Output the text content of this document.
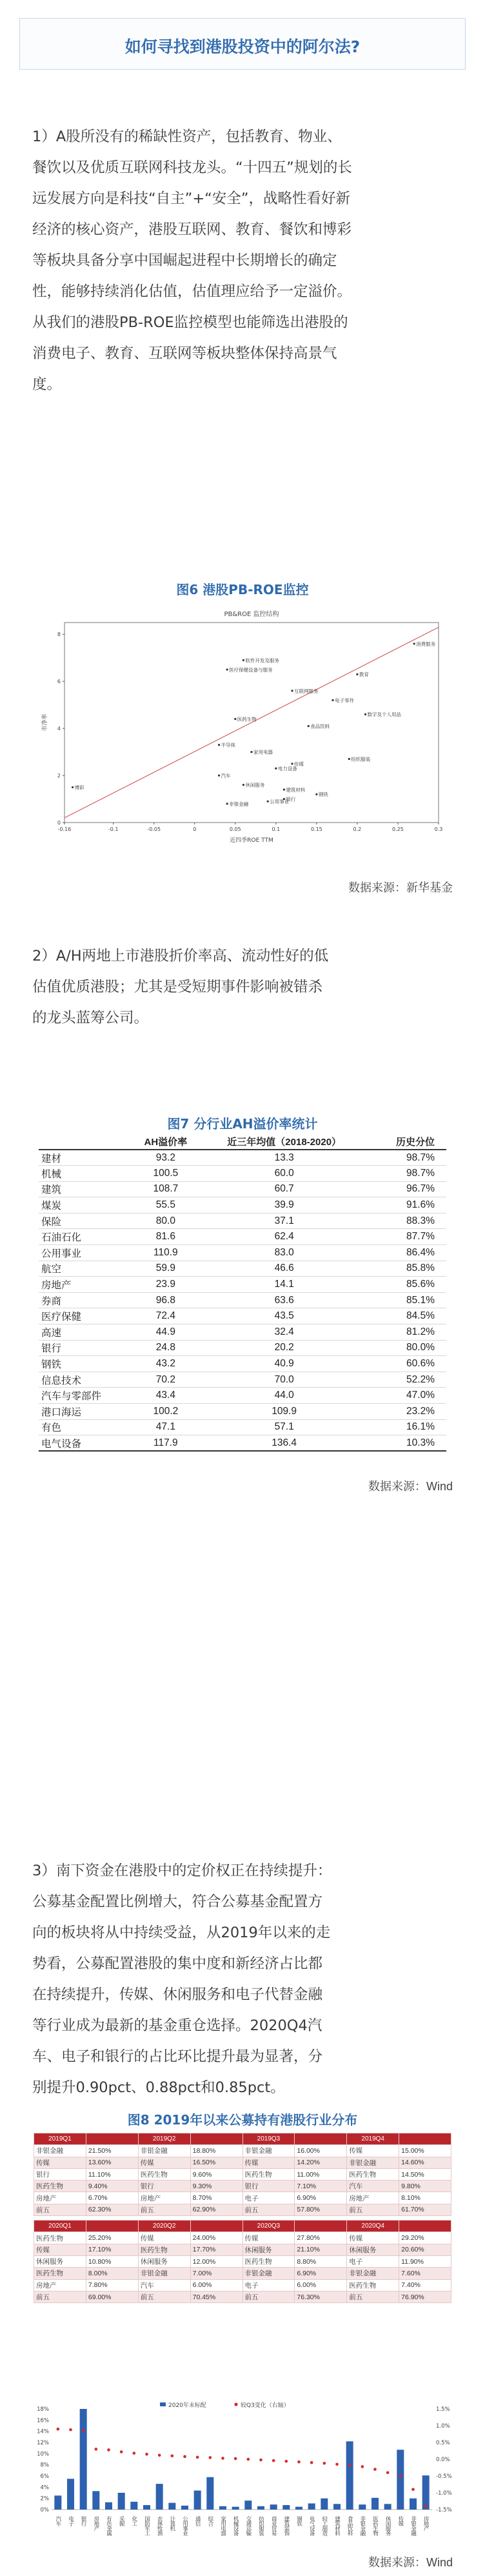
如何寻找到港股投资中的阿尔法?
1）A股所没有的稀缺性资产，包括教育、物业、
餐饮以及优质互联网科技龙头。“十四五”规划的长
远发展方向是科技“自主”+“安全”，战略性看好新
经济的核心资产，港股互联网、教育、餐饮和博彩
等板块具备分享中国崛起进程中长期增长的确定
性，能够持续消化估值，估值理应给予一定溢价。
从我们的港股PB-ROE监控模型也能筛选出港股的
消费电子、教育、互联网等板块整体保持高景气
度。
图6 港股PB-ROE监控
PB&ROE 监控结构
-0.16	-0.1	-0.05	0	0.05	0.1	0.15	0.2	0.25	0.3
0
2
4
6
8
近四季ROE TTM
市净率
消费服务
教育
软件开发及服务
医疗保健设备与服务
互联网服务
电子零件
数字及个人用品
医药生物
食品饮料
半导体
家用电器
传媒
电力设备
汽车
纺织服装
休闲服务
建筑材料
钢铁
银行
公用事业
非银金融
博彩
数据来源：新华基金
2）A/H两地上市港股折价率高、流动性好的低
估值优质港股；尤其是受短期事件影响被错杀
的龙头蓝筹公司。
图7 分行业AH溢价率统计
	AH溢价率	近三年均值（2018-2020）	历史分位
建材	93.2	13.3	98.7%
机械	100.5	60.0	98.7%
建筑	108.7	60.7	96.7%
煤炭	55.5	39.9	91.6%
保险	80.0	37.1	88.3%
石油石化	81.6	62.4	87.7%
公用事业	110.9	83.0	86.4%
航空	59.9	46.6	85.8%
房地产	23.9	14.1	85.6%
券商	96.8	63.6	85.1%
医疗保健	72.4	43.5	84.5%
高速	44.9	32.4	81.2%
银行	24.8	20.2	80.0%
钢铁	43.2	40.9	60.6%
信息技术	70.2	70.0	52.2%
汽车与零部件	43.4	44.0	47.0%
港口海运	100.2	109.9	23.2%
有色	47.1	57.1	16.1%
电气设备	117.9	136.4	10.3%
数据来源：Wind
3）南下资金在港股中的定价权正在持续提升：
公募基金配置比例增大，符合公募基金配置方
向的板块将从中持续受益，从2019年以来的走
势看，公募配置港股的集中度和新经济占比都
在持续提升，传媒、休闲服务和电子代替金融
等行业成为最新的基金重仓选择。2020Q4汽
车、电子和银行的占比环比提升最为显著，分
别提升0.90pct、0.88pct和0.85pct。
图8 2019年以来公募持有港股行业分布
2019Q1		2019Q2		2019Q3		2019Q4	
非银金融	21.50%	非银金融	18.80%	非银金融	16.00%	传媒	15.00%
传媒	13.60%	传媒	16.50%	传媒	14.20%	非银金融	14.60%
银行	11.10%	医药生物	9.60%	医药生物	11.00%	医药生物	14.50%
医药生物	9.40%	银行	9.30%	银行	7.10%	汽车	9.80%
房地产	6.70%	房地产	8.70%	电子	6.90%	房地产	8.10%
前五	62.30%	前五	62.90%	前五	57.80%	前五	61.70%
2020Q1		2020Q2		2020Q3		2020Q4	
医药生物	25.20%	传媒	24.00%	传媒	27.80%	传媒	29.20%
传媒	17.10%	医药生物	17.70%	休闲服务	21.10%	休闲服务	20.60%
休闲服务	10.80%	休闲服务	12.00%	医药生物	8.80%	电子	11.90%
医药生物	8.00%	非银金融	7.00%	非银金融	6.90%	非银金融	7.60%
房地产	7.80%	汽车	6.00%	电子	6.00%	医药生物	7.40%
前五	69.00%	前五	70.45%	前五	76.30%	前五	76.90%
2020年末标配	较Q3变化（右轴）
0%
2%
4%
6%
8%
10%
12%
14%
16%
18%
-1.5%
-1.0%
-0.5%
0.0%
0.5%
1.0%
1.5%
汽车 电子 银行 房地产 有色金属 采掘 化工 国防军工 农林牧渔 计算机 公用事业 通信 综合 家用电器 机械设备 交通运输 纺织服装 商业贸易 建筑装饰 钢铁 电气设备 轻工制造 建筑材料 食品饮料 非银金融 医药生物 休闲服务 传媒 非银金融 房地产
数据来源：Wind
